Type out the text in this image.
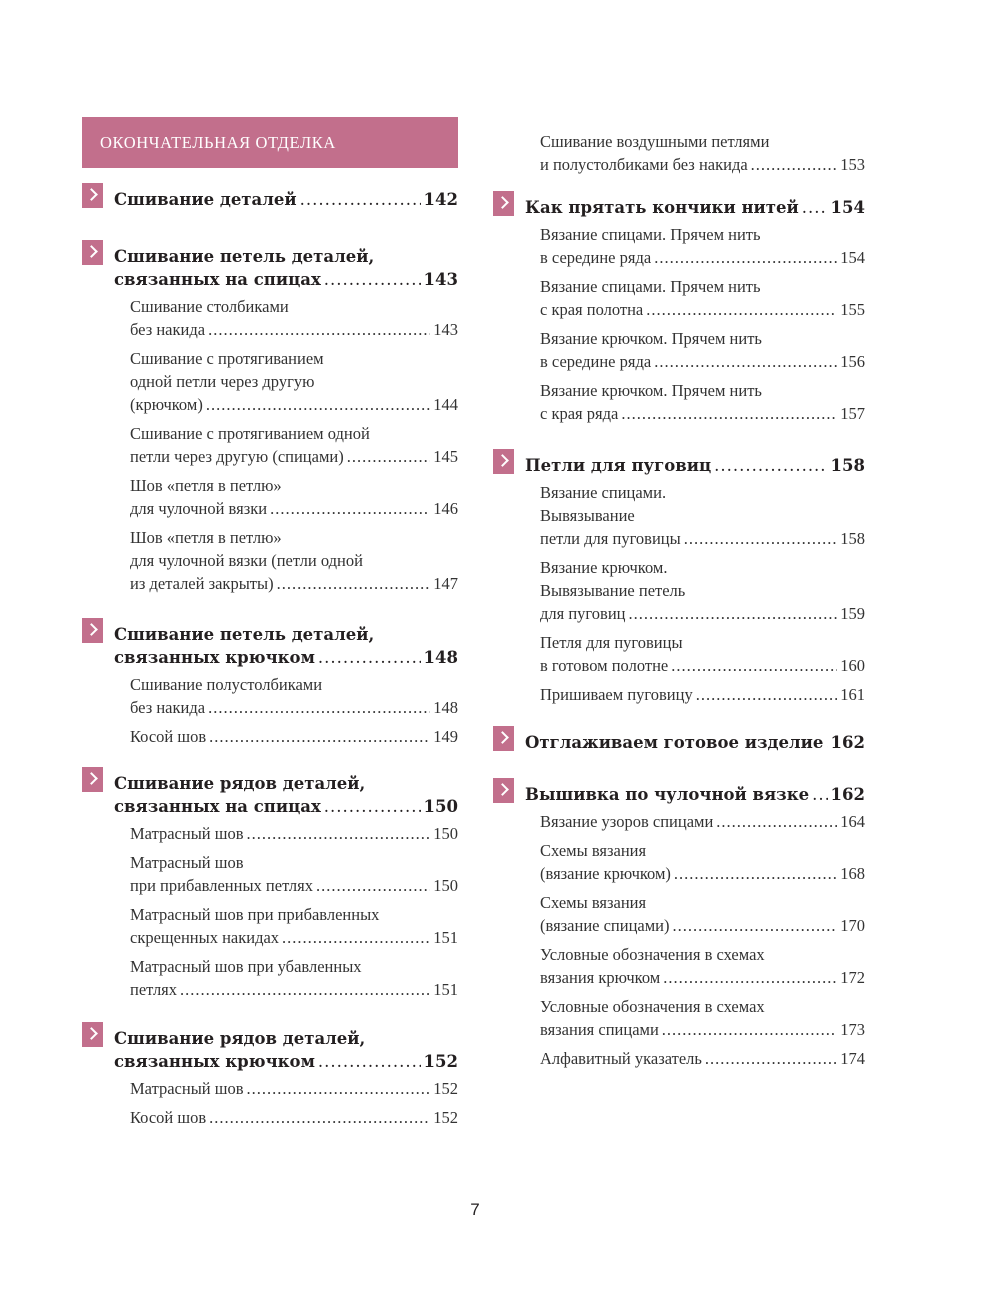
ОКОНЧАТЕЛЬНАЯ ОТДЕЛКА
Сшивание деталей .....	142
Сшивание петель деталей,
связанных на спицах .....	143
Сшивание столбиками
без накида .....	143
Сшивание с протягиванием
одной петли через другую
(крючком) .....	144
Сшивание с протягиванием одной
петли через другую (спицами) .....	145
Шов «петля в петлю»
для чулочной вязки .....	146
Шов «петля в петлю»
для чулочной вязки (петли одной
из деталей закрыты) .....	147
Сшивание петель деталей,
связанных крючком .....	148
Сшивание полустолбиками
без накида .....	148
Косой шов .....	149
Сшивание рядов деталей,
связанных на спицах .....	150
Матрасный шов .....	150
Матрасный шов
при прибавленных петлях .....	150
Матрасный шов при прибавленных
скрещенных накидах .....	151
Матрасный шов при убавленных
петлях .....	151
Сшивание рядов деталей,
связанных крючком .....	152
Матрасный шов .....	152
Косой шов .....	152
Сшивание воздушными петлями
и полустолбиками без накида .....	153
Как прятать кончики нитей ..... 154
Вязание спицами. Прячем нить
в середине ряда .....	154
Вязание спицами. Прячем нить
с края полотна .....	155
Вязание крючком. Прячем нить
в середине ряда .....	156
Вязание крючком. Прячем нить
с края ряда .....	157
Петли для пуговиц .....	158
Вязание спицами.
Вывязывание
петли для пуговицы .....	158
Вязание крючком.
Вывязывание петель
для пуговиц .....	159
Петля для пуговицы
в готовом полотне .....	160
Пришиваем пуговицу .....	161
Отглаживаем готовое изделие ..... 162
Вышивка по чулочной вязке ..... 162
Вязание узоров спицами .....	164
Схемы вязания
(вязание крючком) .....	168
Схемы вязания
(вязание спицами) .....	170
Условные обозначения в схемах
вязания крючком .....	172
Условные обозначения в схемах
вязания спицами .....	173
Алфавитный указатель .....	174
7
